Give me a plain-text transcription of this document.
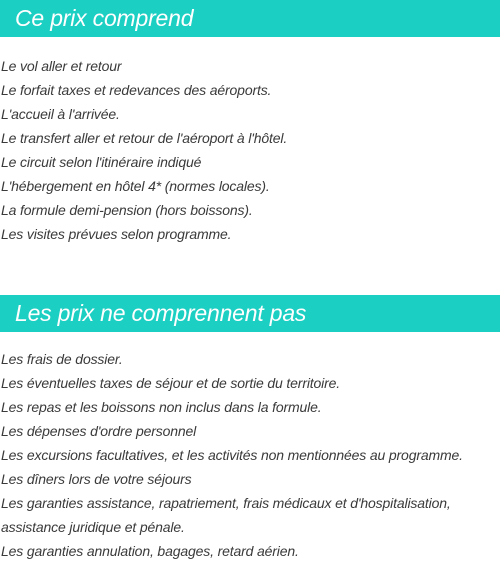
Ce prix comprend
Le vol aller et retour
Le forfait taxes et redevances des aéroports.
L'accueil à l'arrivée.
Le transfert aller et retour de l'aéroport à l'hôtel.
Le circuit selon l'itinéraire indiqué
L'hébergement en hôtel 4* (normes locales).
La formule demi-pension (hors boissons).
Les visites prévues selon programme.
Les prix ne comprennent pas
Les frais de dossier.
Les éventuelles taxes de séjour et de sortie du territoire.
Les repas et les boissons non inclus dans la formule.
Les dépenses d'ordre personnel
Les excursions facultatives, et les activités non mentionnées au programme.
Les dîners lors de votre séjours
Les garanties assistance, rapatriement, frais médicaux et d'hospitalisation,
assistance juridique et pénale.
Les garanties annulation, bagages, retard aérien.
